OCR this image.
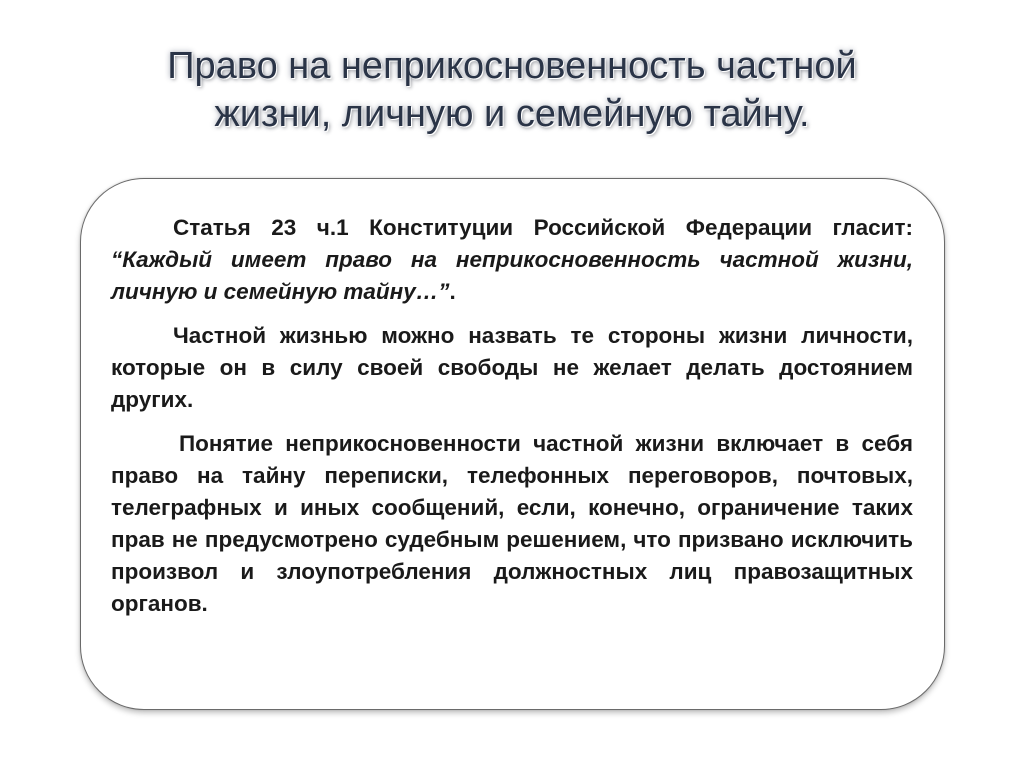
Право на неприкосновенность частной
жизни, личную и семейную тайну.

Статья 23 ч.1 Конституции Российской Федерации гласит: “Каждый имеет право на неприкосновенность частной жизни, личную и семейную тайну…”.

Частной жизнью можно назвать те стороны жизни личности, которые он в силу своей свободы не желает делать достоянием других.

Понятие неприкосновенности частной жизни включает в себя право на тайну переписки, телефонных переговоров, почтовых, телеграфных и иных сообщений, если, конечно, ограничение таких прав не предусмотрено судебным решением, что призвано исключить произвол и злоупотребления должностных лиц правозащитных органов.
